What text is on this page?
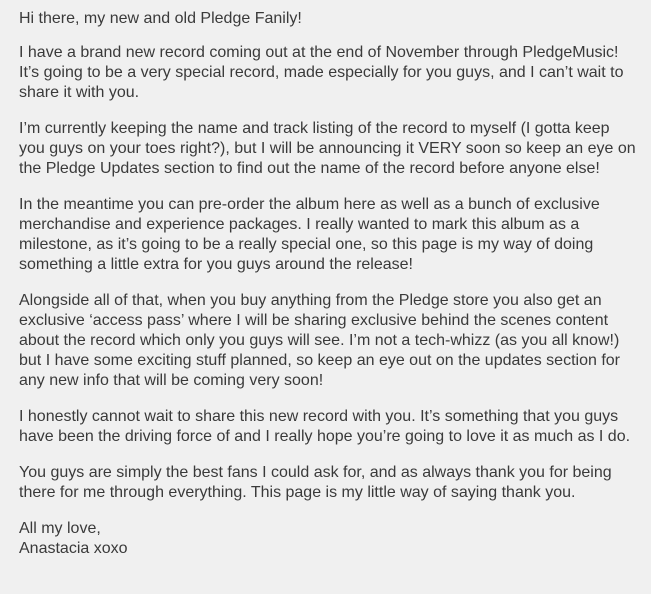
Hi there, my new and old Pledge Fanily!

I have a brand new record coming out at the end of November through PledgeMusic! It’s going to be a very special record, made especially for you guys, and I can’t wait to share it with you.

I’m currently keeping the name and track listing of the record to myself (I gotta keep you guys on your toes right?), but I will be announcing it VERY soon so keep an eye on the Pledge Updates section to find out the name of the record before anyone else!

In the meantime you can pre-order the album here as well as a bunch of exclusive merchandise and experience packages. I really wanted to mark this album as a milestone, as it’s going to be a really special one, so this page is my way of doing something a little extra for you guys around the release!

Alongside all of that, when you buy anything from the Pledge store you also get an exclusive ‘access pass’ where I will be sharing exclusive behind the scenes content about the record which only you guys will see. I’m not a tech-whizz (as you all know!) but I have some exciting stuff planned, so keep an eye out on the updates section for any new info that will be coming very soon!

I honestly cannot wait to share this new record with you. It’s something that you guys have been the driving force of and I really hope you’re going to love it as much as I do.

You guys are simply the best fans I could ask for, and as always thank you for being there for me through everything. This page is my little way of saying thank you.

All my love,
Anastacia xoxo
